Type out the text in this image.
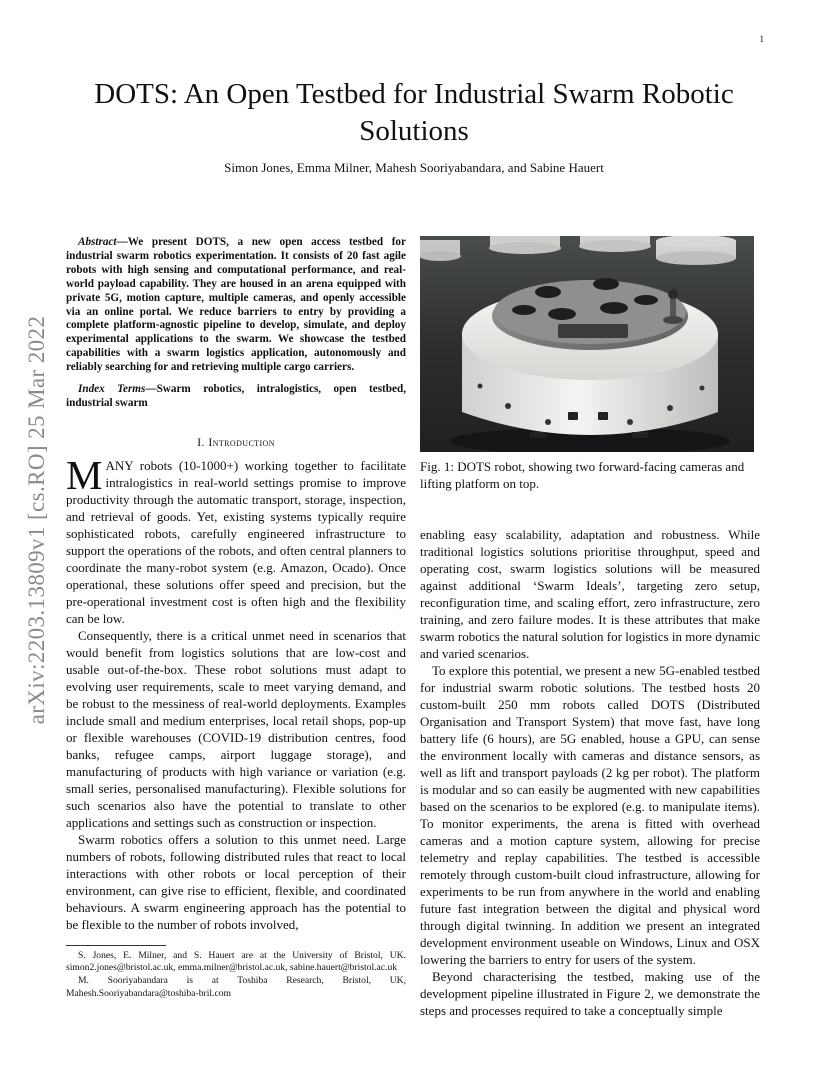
1
arXiv:2203.13809v1 [cs.RO] 25 Mar 2022
DOTS: An Open Testbed for Industrial Swarm Robotic Solutions
Simon Jones, Emma Milner, Mahesh Sooriyabandara, and Sabine Hauert

Abstract—We present DOTS, a new open access testbed for industrial swarm robotics experimentation. It consists of 20 fast agile robots with high sensing and computational performance, and real-world payload capability. They are housed in an arena equipped with private 5G, motion capture, multiple cameras, and openly accessible via an online portal. We reduce barriers to entry by providing a complete platform-agnostic pipeline to develop, simulate, and deploy experimental applications to the swarm. We showcase the testbed capabilities with a swarm logistics application, autonomously and reliably searching for and retrieving multiple cargo carriers.

Index Terms—Swarm robotics, intralogistics, open testbed, industrial swarm

I. Introduction

MANY robots (10-1000+) working together to facilitate intralogistics in real-world settings promise to improve productivity through the automatic transport, storage, inspection, and retrieval of goods. Yet, existing systems typically require sophisticated robots, carefully engineered infrastructure to support the operations of the robots, and often central planners to coordinate the many-robot system (e.g. Amazon, Ocado). Once operational, these solutions offer speed and precision, but the pre-operational investment cost is often high and the flexibility can be low.

Consequently, there is a critical unmet need in scenarios that would benefit from logistics solutions that are low-cost and usable out-of-the-box. These robot solutions must adapt to evolving user requirements, scale to meet varying demand, and be robust to the messiness of real-world deployments. Examples include small and medium enterprises, local retail shops, pop-up or flexible warehouses (COVID-19 distribution centres, food banks, refugee camps, airport luggage storage), and manufacturing of products with high variance or variation (e.g. small series, personalised manufacturing). Flexible solutions for such scenarios also have the potential to translate to other applications and settings such as construction or inspection.

Swarm robotics offers a solution to this unmet need. Large numbers of robots, following distributed rules that react to local interactions with other robots or local perception of their environment, can give rise to efficient, flexible, and coordinated behaviours. A swarm engineering approach has the potential to be flexible to the number of robots involved,

S. Jones, E. Milner, and S. Hauert are at the University of Bristol, UK. simon2.jones@bristol.ac.uk, emma.milner@bristol.ac.uk, sabine.hauert@bristol.ac.uk

M. Sooriyabandara is at Toshiba Research, Bristol, UK, Mahesh.Sooriyabandara@toshiba-bril.com

Fig. 1: DOTS robot, showing two forward-facing cameras and lifting platform on top.

enabling easy scalability, adaptation and robustness. While traditional logistics solutions prioritise throughput, speed and operating cost, swarm logistics solutions will be measured against additional ‘Swarm Ideals’, targeting zero setup, reconfiguration time, and scaling effort, zero infrastructure, zero training, and zero failure modes. It is these attributes that make swarm robotics the natural solution for logistics in more dynamic and varied scenarios.

To explore this potential, we present a new 5G-enabled testbed for industrial swarm robotic solutions. The testbed hosts 20 custom-built 250 mm robots called DOTS (Distributed Organisation and Transport System) that move fast, have long battery life (6 hours), are 5G enabled, house a GPU, can sense the environment locally with cameras and distance sensors, as well as lift and transport payloads (2 kg per robot). The platform is modular and so can easily be augmented with new capabilities based on the scenarios to be explored (e.g. to manipulate items). To monitor experiments, the arena is fitted with overhead cameras and a motion capture system, allowing for precise telemetry and replay capabilities. The testbed is accessible remotely through custom-built cloud infrastructure, allowing for experiments to be run from anywhere in the world and enabling future fast integration between the digital and physical word through digital twinning. In addition we present an integrated development environment useable on Windows, Linux and OSX lowering the barriers to entry for users of the system.

Beyond characterising the testbed, making use of the development pipeline illustrated in Figure 2, we demonstrate the steps and processes required to take a conceptually simple
